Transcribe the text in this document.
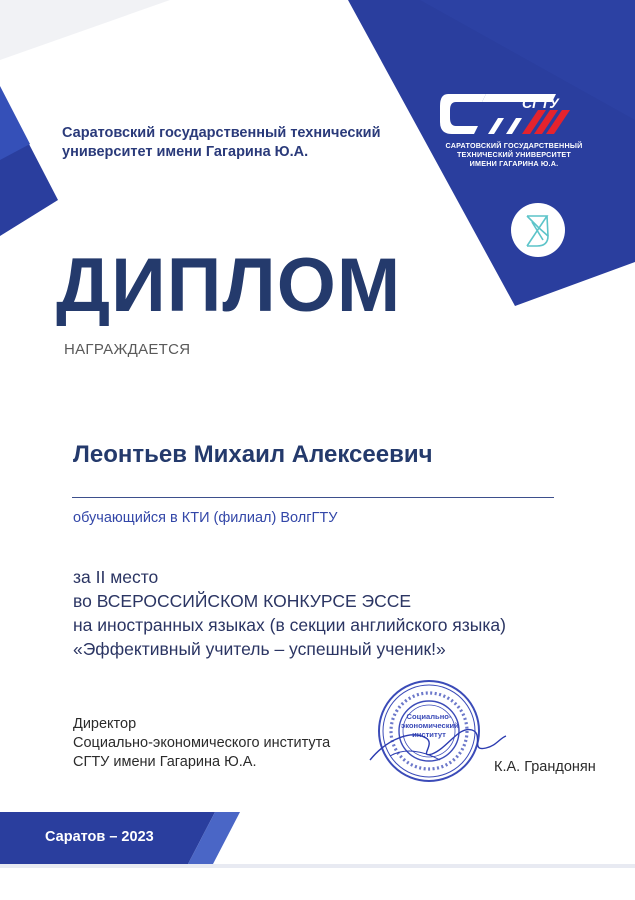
СГТУ
САРАТОВСКИЙ ГОСУДАРСТВЕННЫЙ
ТЕХНИЧЕСКИЙ УНИВЕРСИТЕТ
ИМЕНИ ГАГАРИНА Ю.А.
Саратовский государственный технический
университет имени Гагарина Ю.А.
ДИПЛОМ
НАГРАЖДАЕТСЯ
Леонтьев Михаил Алексеевич
обучающийся в КТИ (филиал) ВолгГТУ
за II место
во ВСЕРОССИЙСКОМ КОНКУРСЕ ЭССЕ
на иностранных языках (в секции английского языка)
«Эффективный учитель – успешный ученик!»
Директор
Социально-экономического института
СГТУ имени Гагарина Ю.А.
Социально-
экономический
институт
К.А. Грандонян
Саратов – 2023
